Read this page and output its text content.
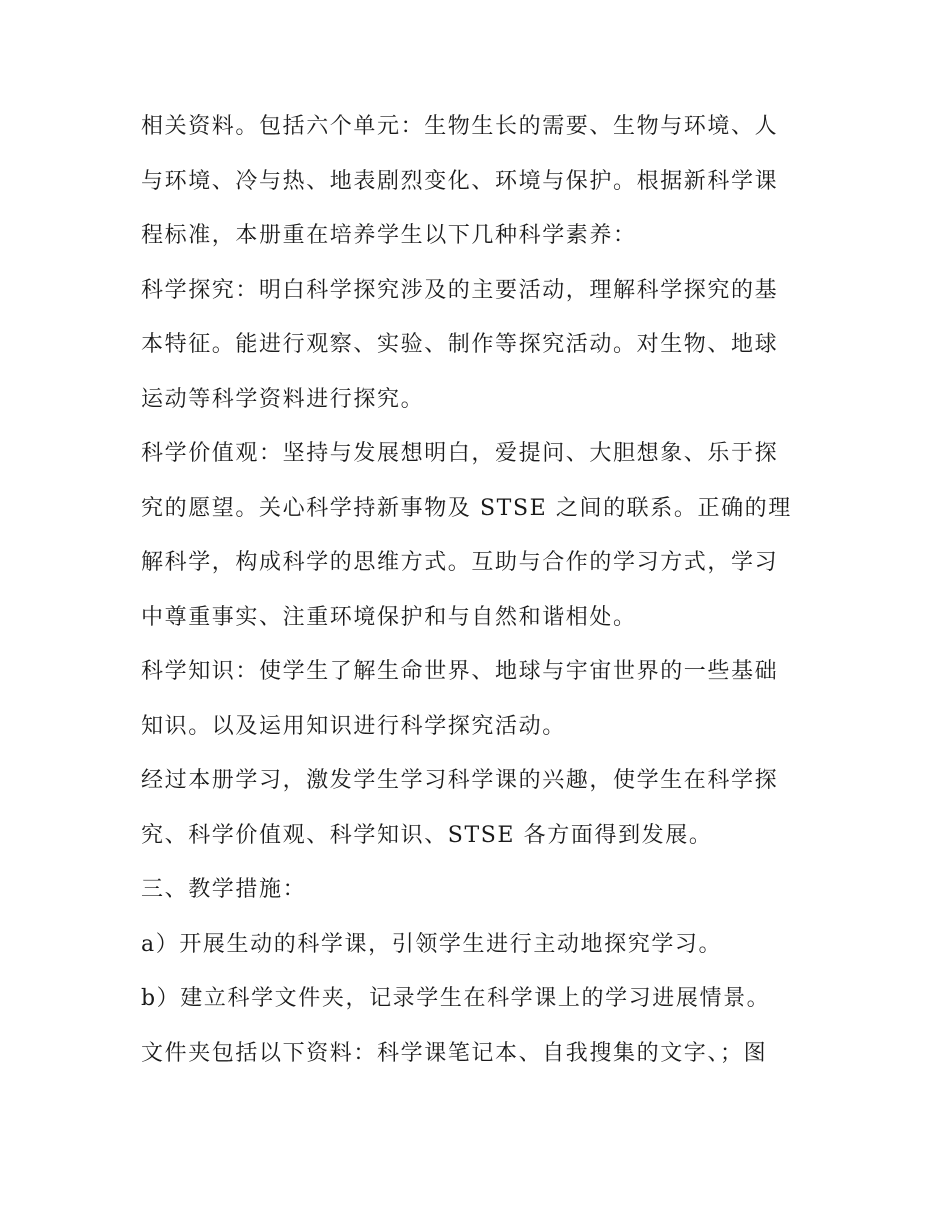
相关资料。包括六个单元：生物生长的需要、生物与环境、人
与环境、冷与热、地表剧烈变化、环境与保护。根据新科学课
程标准，本册重在培养学生以下几种科学素养：
科学探究：明白科学探究涉及的主要活动，理解科学探究的基
本特征。能进行观察、实验、制作等探究活动。对生物、地球
运动等科学资料进行探究。
科学价值观：坚持与发展想明白，爱提问、大胆想象、乐于探
究的愿望。关心科学持新事物及 STSE 之间的联系。正确的理
解科学，构成科学的思维方式。互助与合作的学习方式，学习
中尊重事实、注重环境保护和与自然和谐相处。
科学知识：使学生了解生命世界、地球与宇宙世界的一些基础
知识。以及运用知识进行科学探究活动。
经过本册学习，激发学生学习科学课的兴趣，使学生在科学探
究、科学价值观、科学知识、STSE 各方面得到发展。
三、教学措施：
a）开展生动的科学课，引领学生进行主动地探究学习。
b）建立科学文件夹，记录学生在科学课上的学习进展情景。
文件夹包括以下资料：科学课笔记本、自我搜集的文字、；图
